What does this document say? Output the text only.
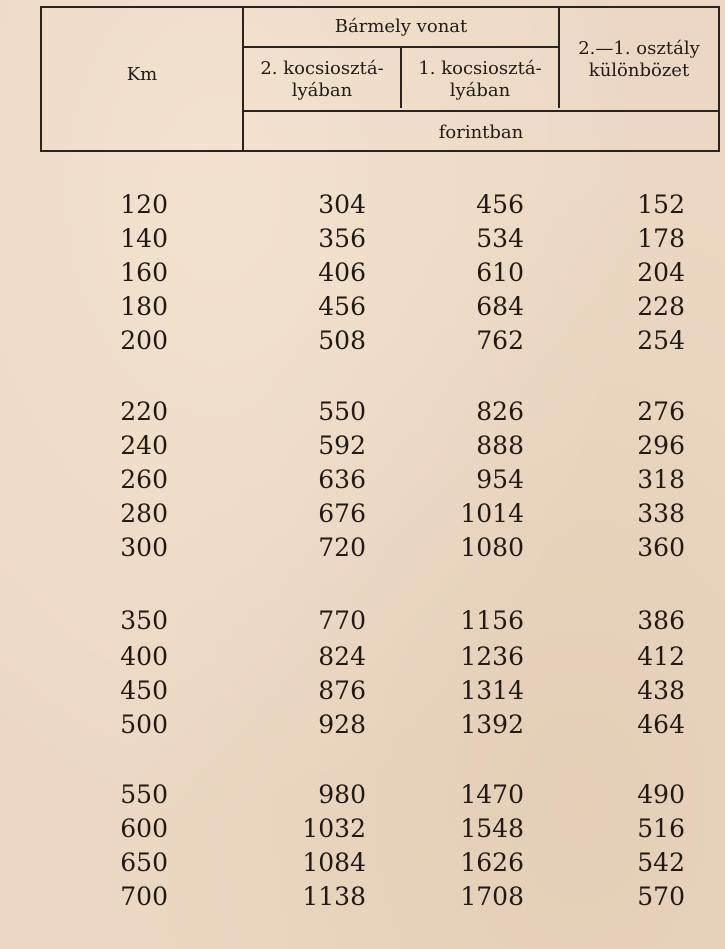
Km
Bármely vonat
2. kocsiosztá-
lyában
1. kocsiosztá-
lyában
2.—1. osztály
különbözet
forintban
120	304	456	152
140	356	534	178
160	406	610	204
180	456	684	228
200	508	762	254
220	550	826	276
240	592	888	296
260	636	954	318
280	676	1014	338
300	720	1080	360
350	770	1156	386
400	824	1236	412
450	876	1314	438
500	928	1392	464
550	980	1470	490
600	1032	1548	516
650	1084	1626	542
700	1138	1708	570
